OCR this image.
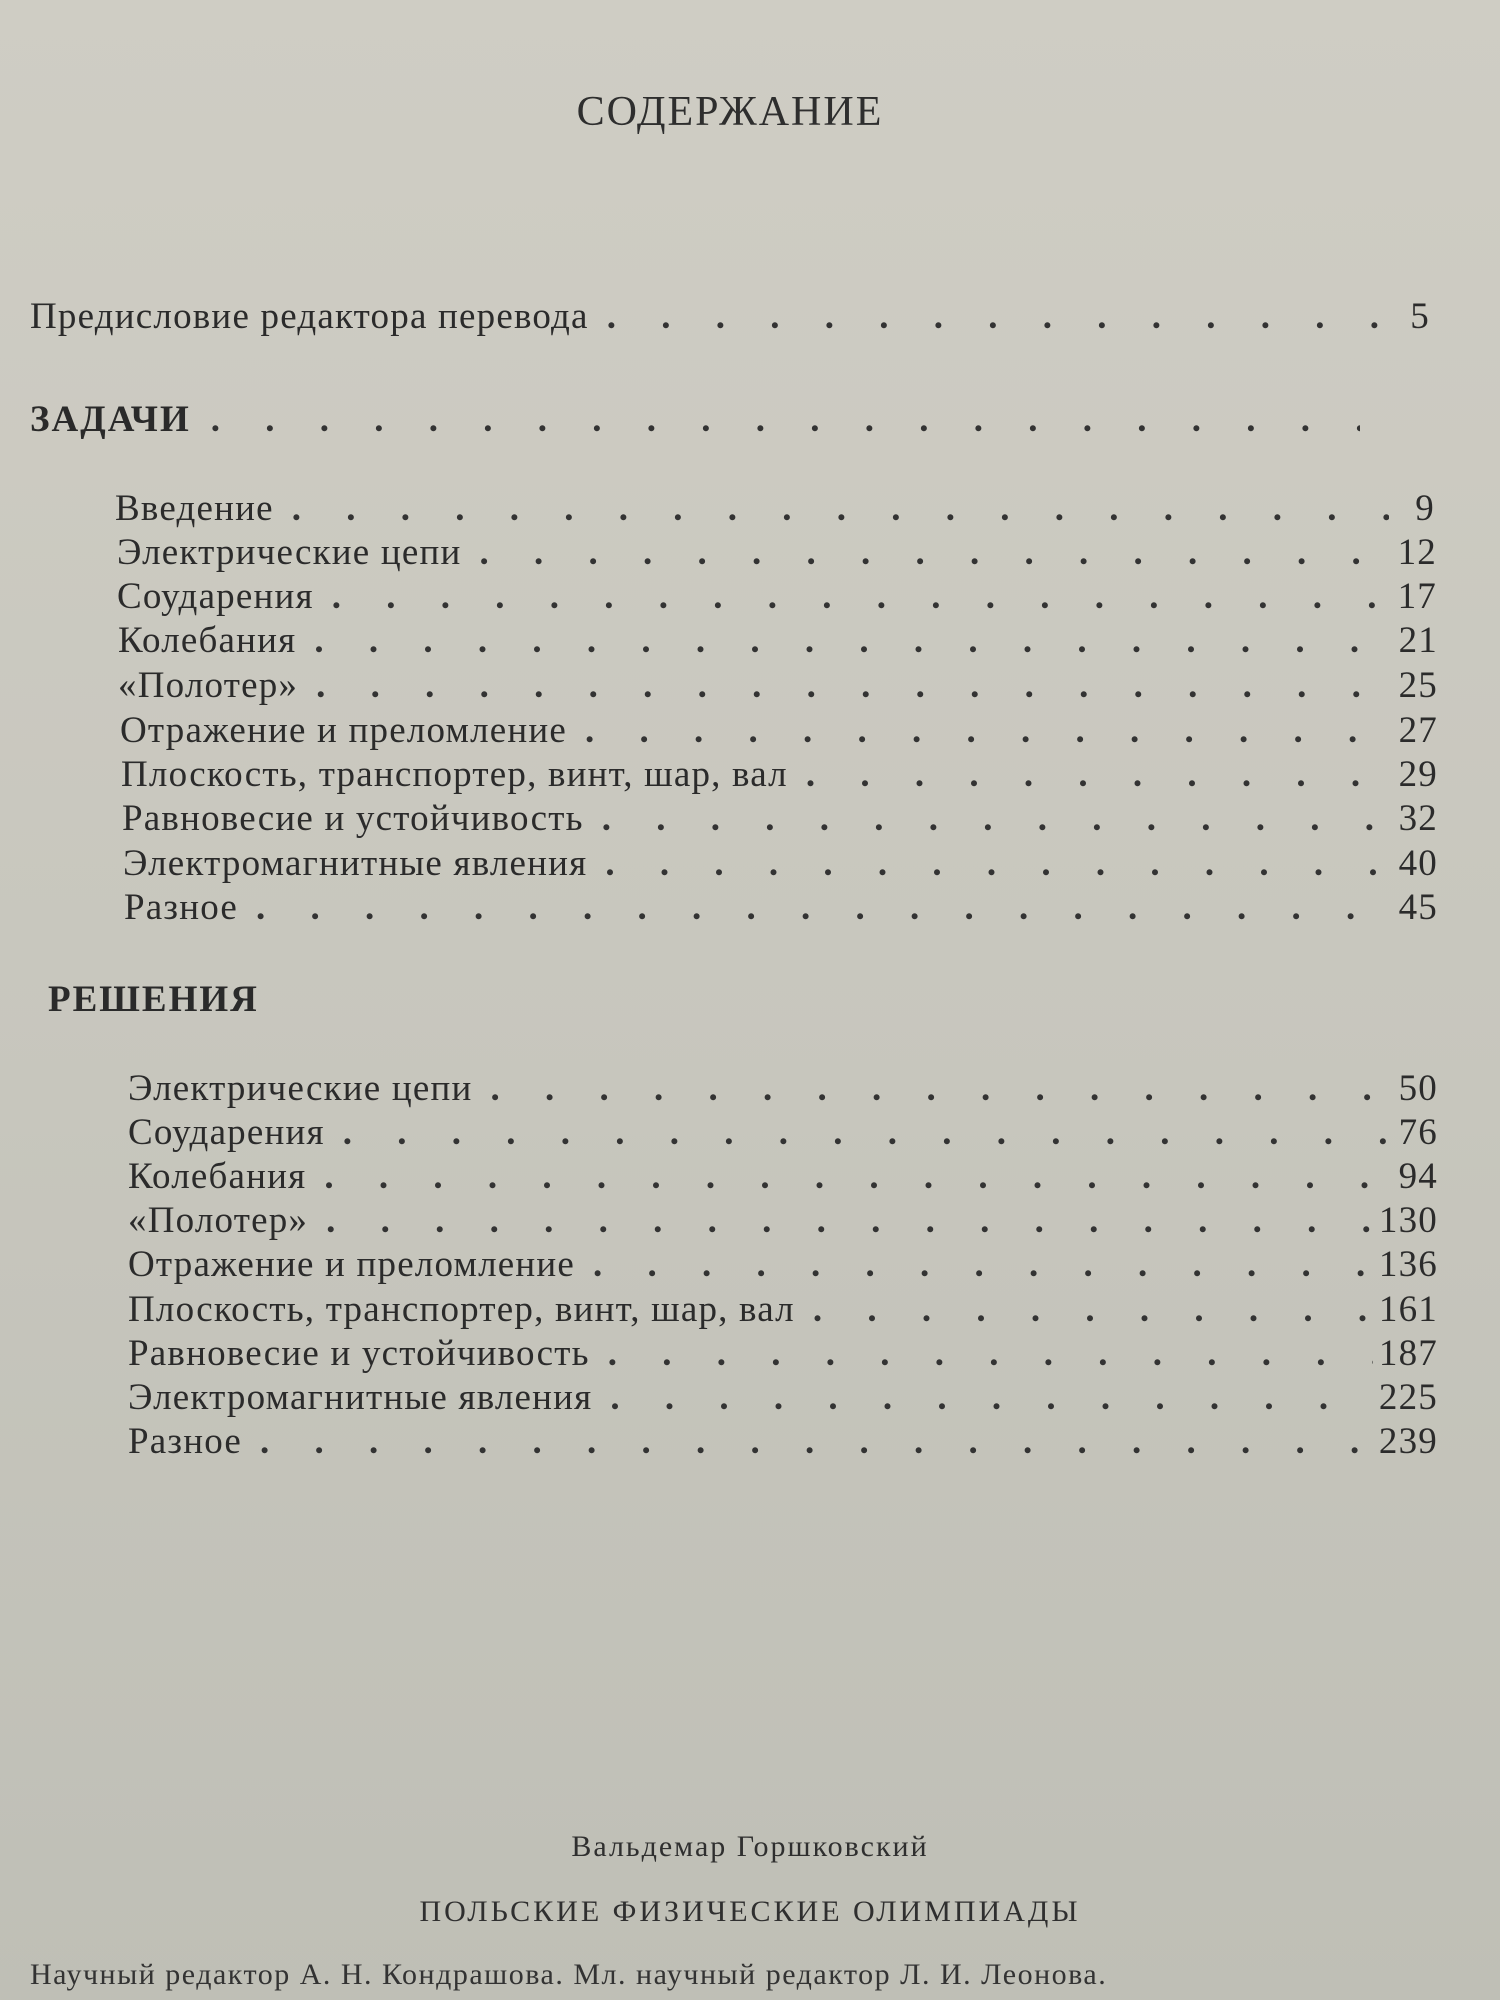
СОДЕРЖАНИЕ
Предисловие редактора перевода . . .	5
ЗАДАЧИ
. . .
Введение . . .	9
Электрические цепи . . .	12
Соударения . . .	17
Колебания . . .	21
«Полотер» . . .	25
Отражение и преломление . . .	27
Плоскость, транспортер, винт, шар, вал . . .	29
Равновесие и устойчивость . . .	32
Электромагнитные явления . . .	40
Разное . . .	45
РЕШЕНИЯ
Электрические цепи . . .	50
Соударения . . .	76
Колебания . . .	94
«Полотер» . . .	130
Отражение и преломление . . .	136
Плоскость, транспортер, винт, шар, вал . . .	161
Равновесие и устойчивость . . .	187
Электромагнитные явления . . .	225
Разное . . .	239
Вальдемар Горшковский
ПОЛЬСКИЕ ФИЗИЧЕСКИЕ ОЛИМПИАДЫ
Научный редактор А. Н. Кондрашова. Мл. научный редактор Л. И. Леонова.
